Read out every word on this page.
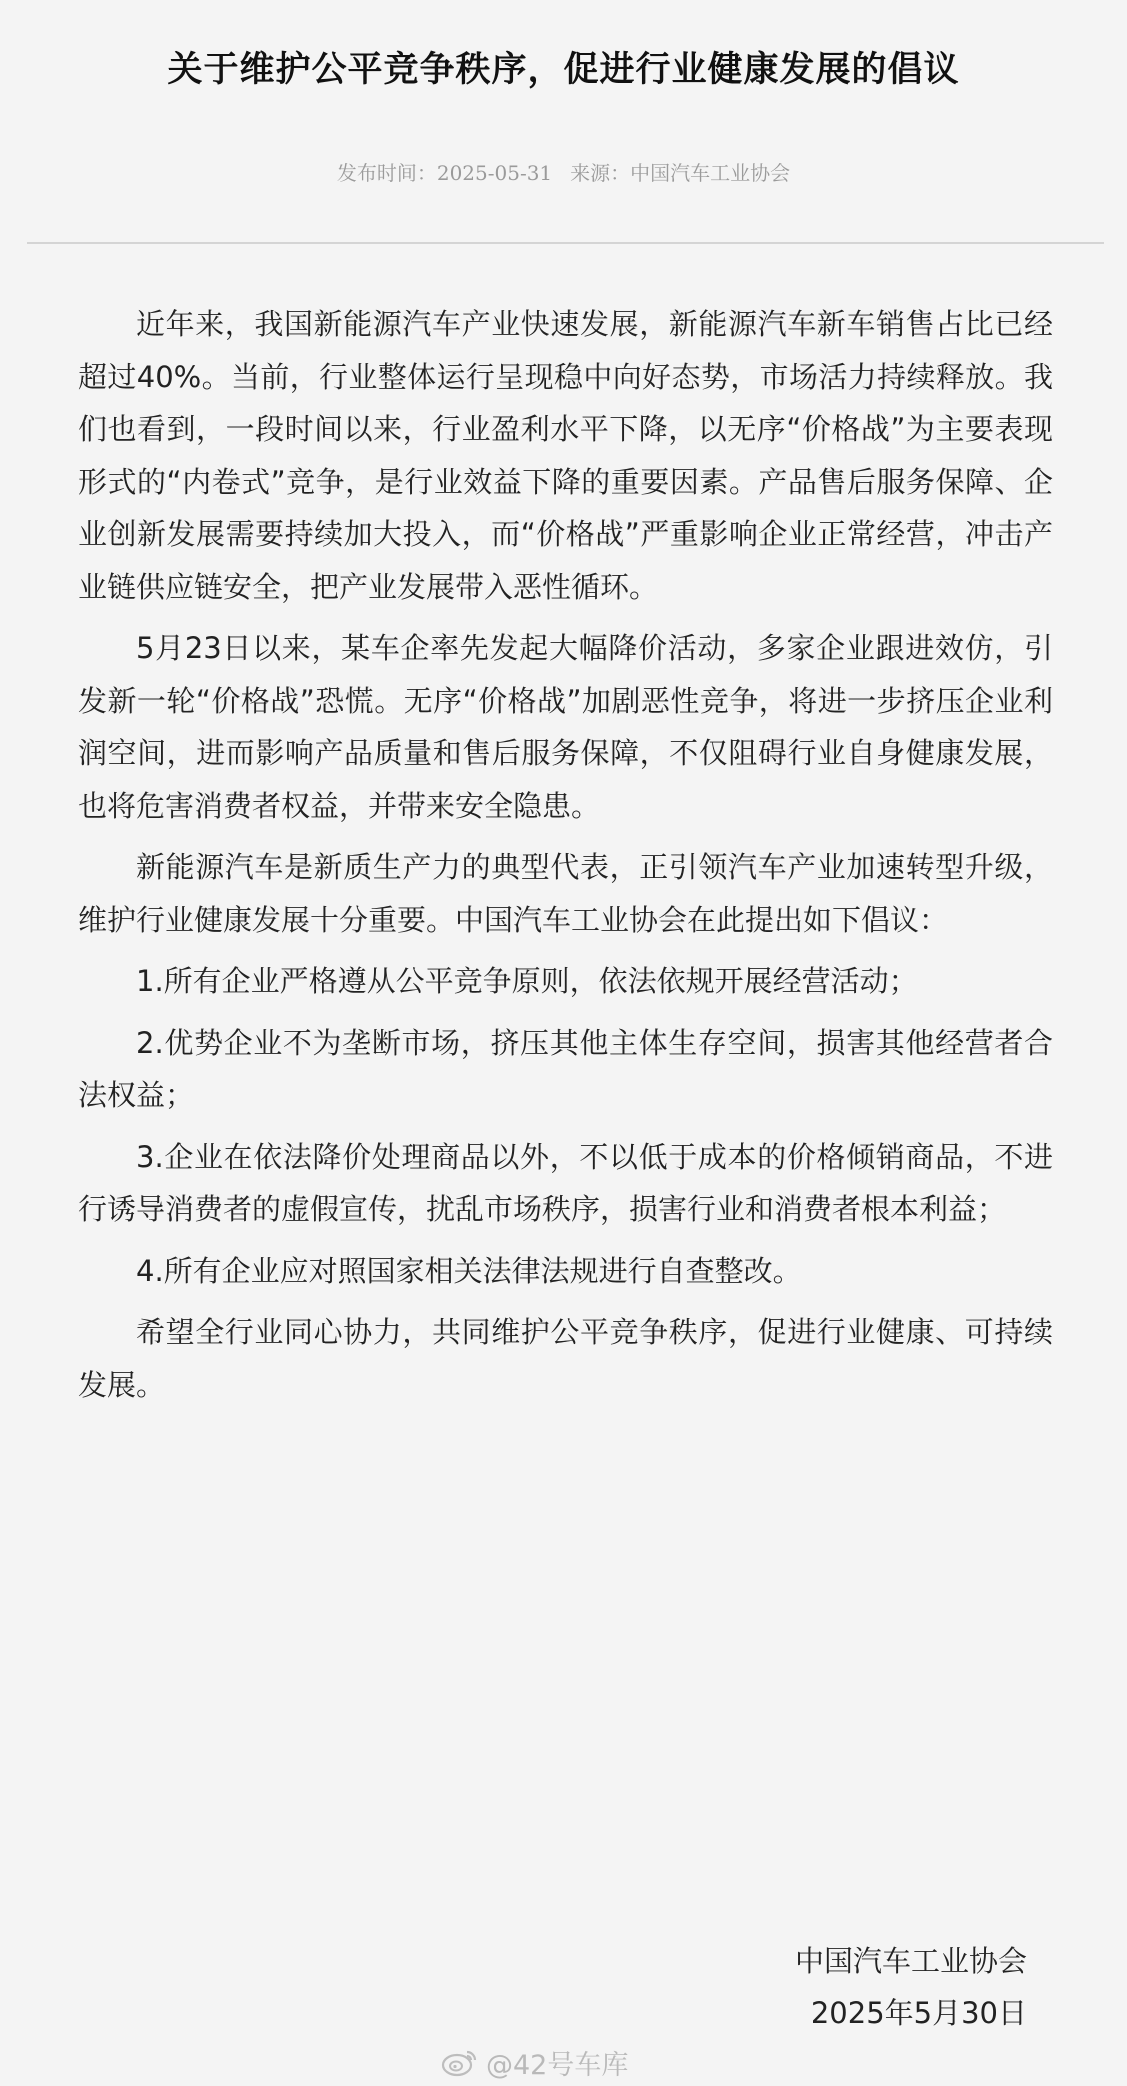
关于维护公平竞争秩序，促进行业健康发展的倡议
发布时间：2025-05-31 来源：中国汽车工业协会

近年来，我国新能源汽车产业快速发展，新能源汽车新车销售占比已经超过40%。当前，行业整体运行呈现稳中向好态势，市场活力持续释放。我们也看到，一段时间以来，行业盈利水平下降，以无序“价格战”为主要表现形式的“内卷式”竞争，是行业效益下降的重要因素。产品售后服务保障、企业创新发展需要持续加大投入，而“价格战”严重影响企业正常经营，冲击产业链供应链安全，把产业发展带入恶性循环。

5月23日以来，某车企率先发起大幅降价活动，多家企业跟进效仿，引发新一轮“价格战”恐慌。无序“价格战”加剧恶性竞争，将进一步挤压企业利润空间，进而影响产品质量和售后服务保障，不仅阻碍行业自身健康发展，也将危害消费者权益，并带来安全隐患。

新能源汽车是新质生产力的典型代表，正引领汽车产业加速转型升级，维护行业健康发展十分重要。中国汽车工业协会在此提出如下倡议：

1.所有企业严格遵从公平竞争原则，依法依规开展经营活动；

2.优势企业不为垄断市场，挤压其他主体生存空间，损害其他经营者合法权益；

3.企业在依法降价处理商品以外，不以低于成本的价格倾销商品，不进行诱导消费者的虚假宣传，扰乱市场秩序，损害行业和消费者根本利益；

4.所有企业应对照国家相关法律法规进行自查整改。

希望全行业同心协力，共同维护公平竞争秩序，促进行业健康、可持续发展。

中国汽车工业协会
2025年5月30日
@42号车库
